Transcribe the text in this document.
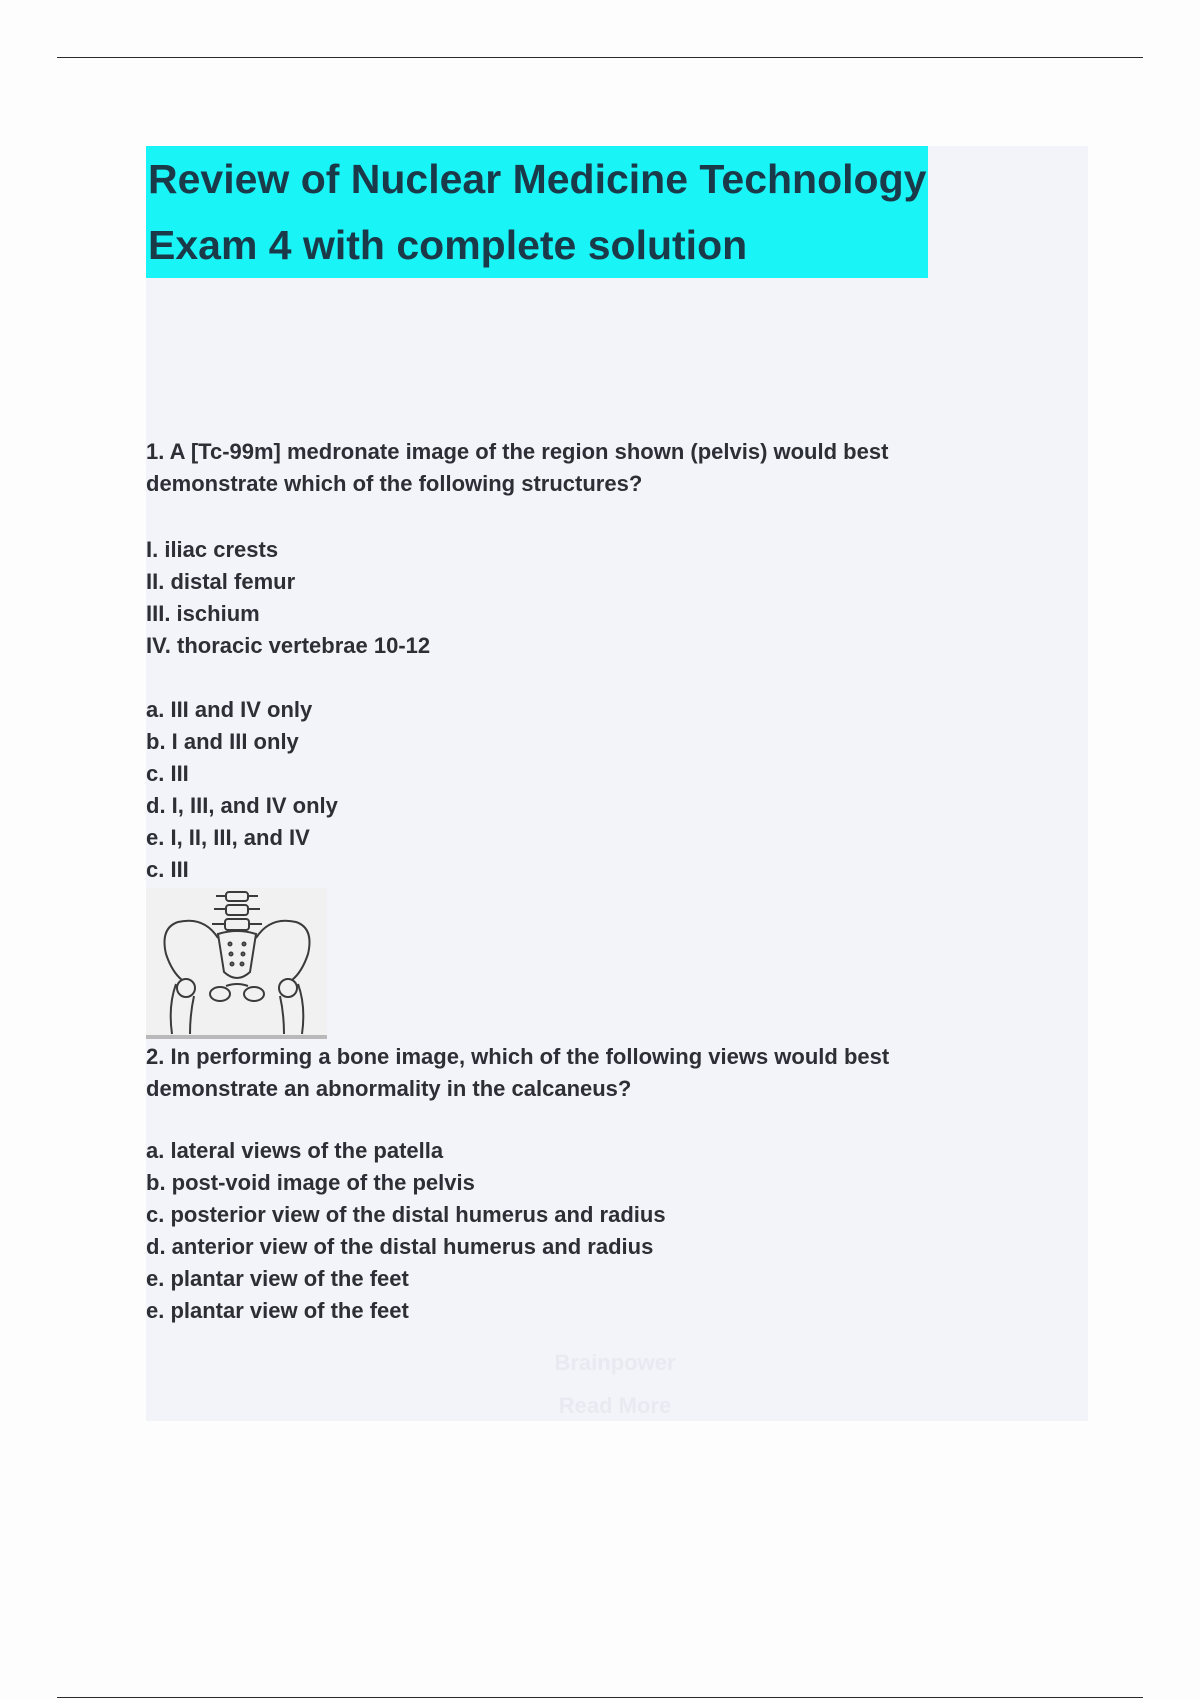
Review of Nuclear Medicine Technology
Exam 4 with complete solution
1. A [Tc-99m] medronate image of the region shown (pelvis) would best
demonstrate which of the following structures?
I. iliac crests
II. distal femur
III. ischium
IV. thoracic vertebrae 10-12
a. III and IV only
b. I and III only
c. III
d. I, III, and IV only
e. I, II, III, and IV
c. III
2. In performing a bone image, which of the following views would best
demonstrate an abnormality in the calcaneus?
a. lateral views of the patella
b. post-void image of the pelvis
c. posterior view of the distal humerus and radius
d. anterior view of the distal humerus and radius
e. plantar view of the feet
e. plantar view of the feet
Brainpower
Read More
